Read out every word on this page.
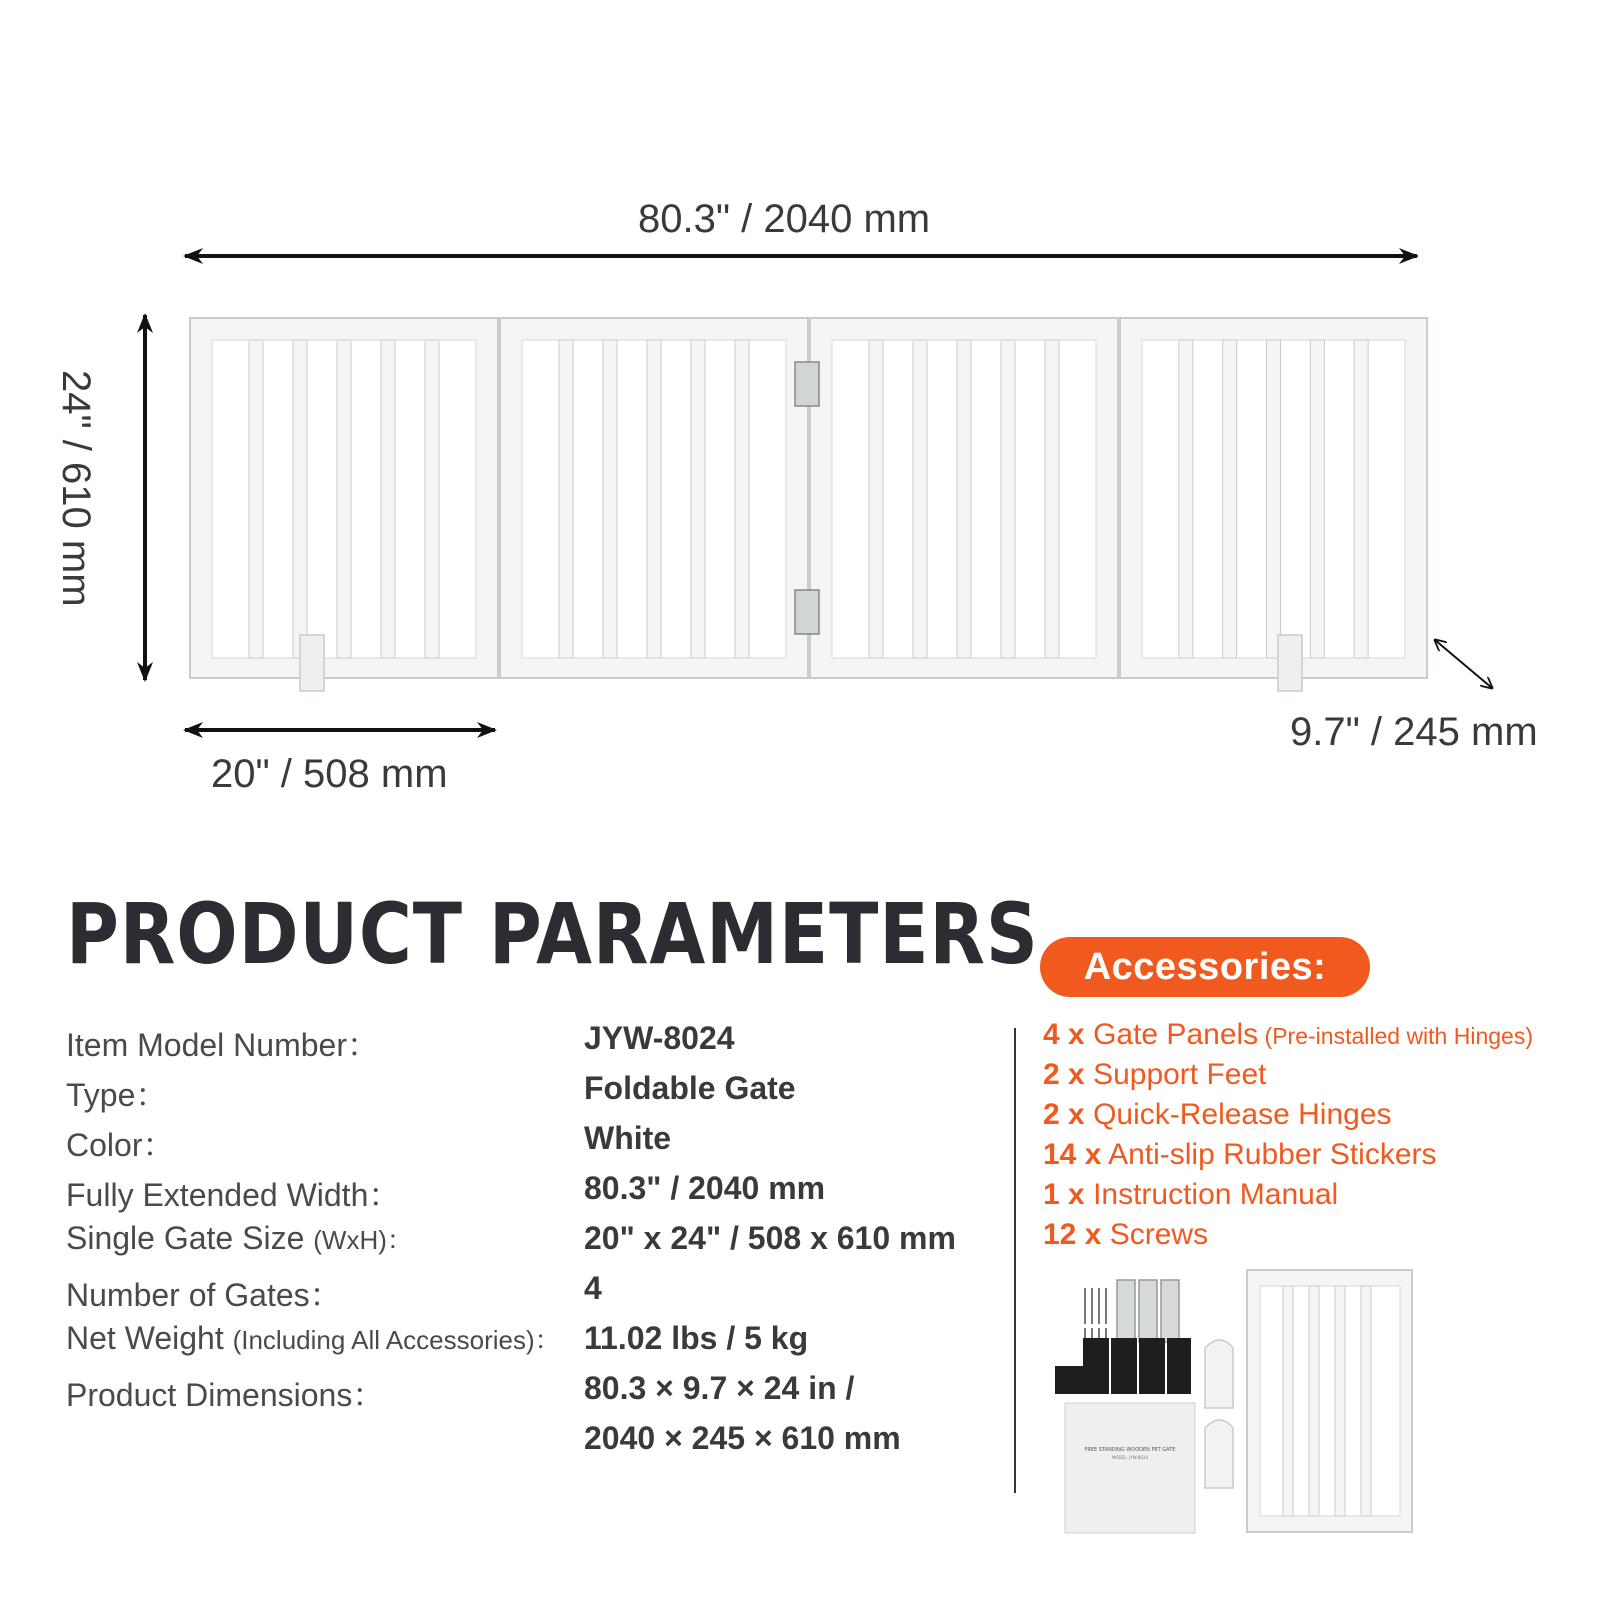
80.3" / 2040 mm
24" / 610 mm
20" / 508 mm
9.7" / 245 mm
PRODUCT PARAMETERS
Item Model Number：	JYW-8024
Type：	Foldable Gate
Color：	White
Fully Extended Width：	80.3" / 2040 mm
Single Gate Size (WxH)：	20" x 24" / 508 x 610 mm
Number of Gates：	4
Net Weight (Including All Accessories)： 11.02 lbs / 5 kg
Product Dimensions：	80.3 × 9.7 × 24 in /
2040 × 245 × 610 mm
Accessories:
4 x Gate Panels (Pre-installed with Hinges)
2 x Support Feet
2 x Quick-Release Hinges
14 x Anti-slip Rubber Stickers
1 x Instruction Manual
12 x Screws
FREE STANDING WOODEN PET GATE
MODEL: JYW-8024
